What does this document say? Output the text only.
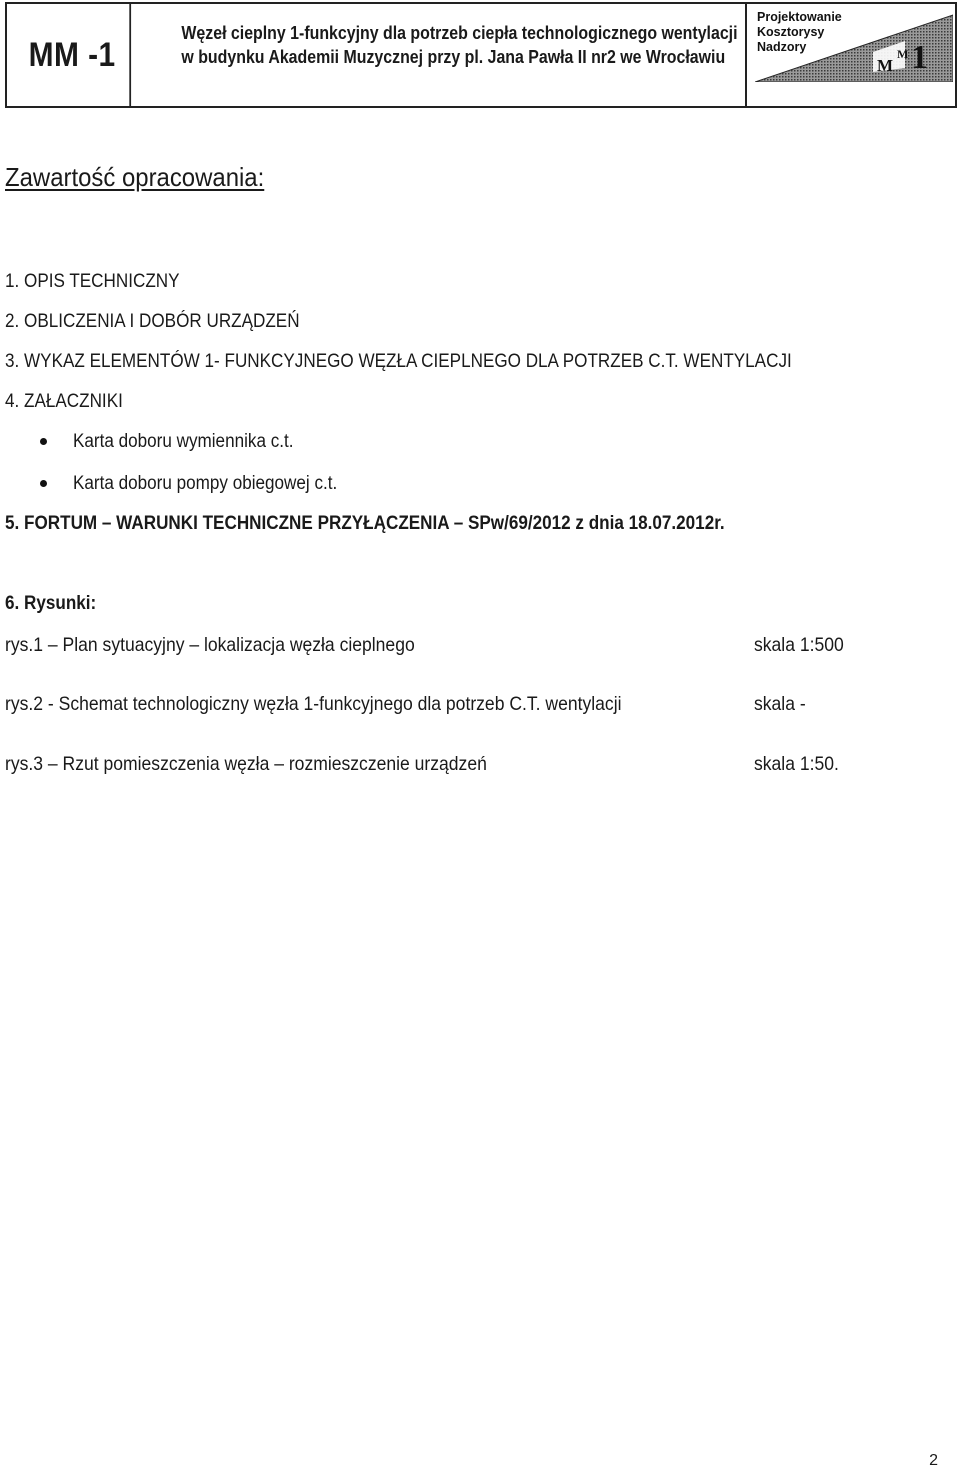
MM -1
Węzeł cieplny 1-funkcyjny dla potrzeb ciepła technologicznego wentylacji
w budynku Akademii Muzycznej przy pl. Jana Pawła II nr2 we Wrocławiu	M
M 1
Projektowanie
Kosztorysy
Nadzory
Zawartość opracowania:
1. OPIS TECHNICZNY
2. OBLICZENIA I DOBÓR URZĄDZEŃ
3. WYKAZ ELEMENTÓW 1- FUNKCYJNEGO WĘZŁA CIEPLNEGO DLA POTRZEB C.T. WENTYLACJI
4. ZAŁACZNIKI
Karta doboru wymiennika c.t.
Karta doboru pompy obiegowej c.t.
5. FORTUM – WARUNKI TECHNICZNE PRZYŁĄCZENIA – SPw/69/2012 z dnia 18.07.2012r.
6. Rysunki:
rys.1 – Plan sytuacyjny – lokalizacja węzła cieplnego	skala 1:500
rys.2 - Schemat technologiczny węzła 1-funkcyjnego dla potrzeb C.T. wentylacji	skala -
rys.3 – Rzut pomieszczenia węzła – rozmieszczenie urządzeń	skala 1:50.
2
